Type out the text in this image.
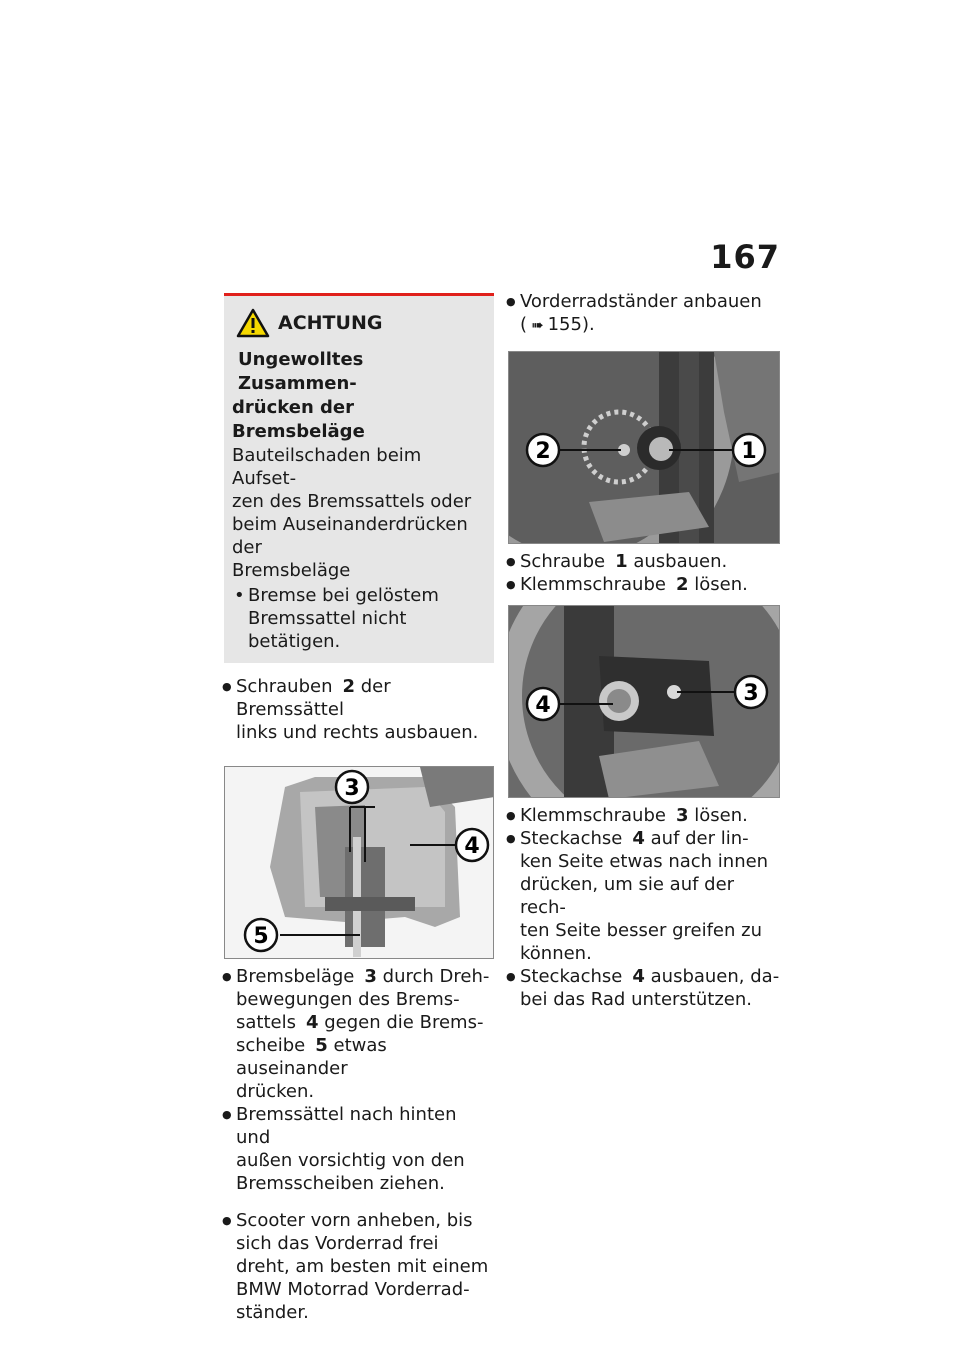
167
ACHTUNG
Ungewolltes Zusammen-
drücken der Bremsbeläge
Bauteilschaden beim Aufset-
zen des Bremssattels oder
beim Auseinanderdrücken der
Bremsbeläge
• Bremse bei gelöstem
Bremssattel nicht betätigen.
● Schrauben 2 der Bremssättel
links und rechts ausbauen.
3
4
5
● Bremsbeläge 3 durch Dreh-
bewegungen des Brems-
sattels 4 gegen die Brems-
scheibe 5 etwas auseinander
drücken.
● Bremssättel nach hinten und
außen vorsichtig von den
Bremsscheiben ziehen.
● Scooter vorn anheben, bis
sich das Vorderrad frei
dreht, am besten mit einem
BMW Motorrad Vorderrad-
ständer.
● Vorderradständer anbauen
( ➠ 155).
2	1
● Schraube 1 ausbauen.
● Klemmschraube 2 lösen.
4	3
● Klemmschraube 3 lösen.
● Steckachse 4 auf der lin-
ken Seite etwas nach innen
drücken, um sie auf der rech-
ten Seite besser greifen zu
können.
● Steckachse 4 ausbauen, da-
bei das Rad unterstützen.
